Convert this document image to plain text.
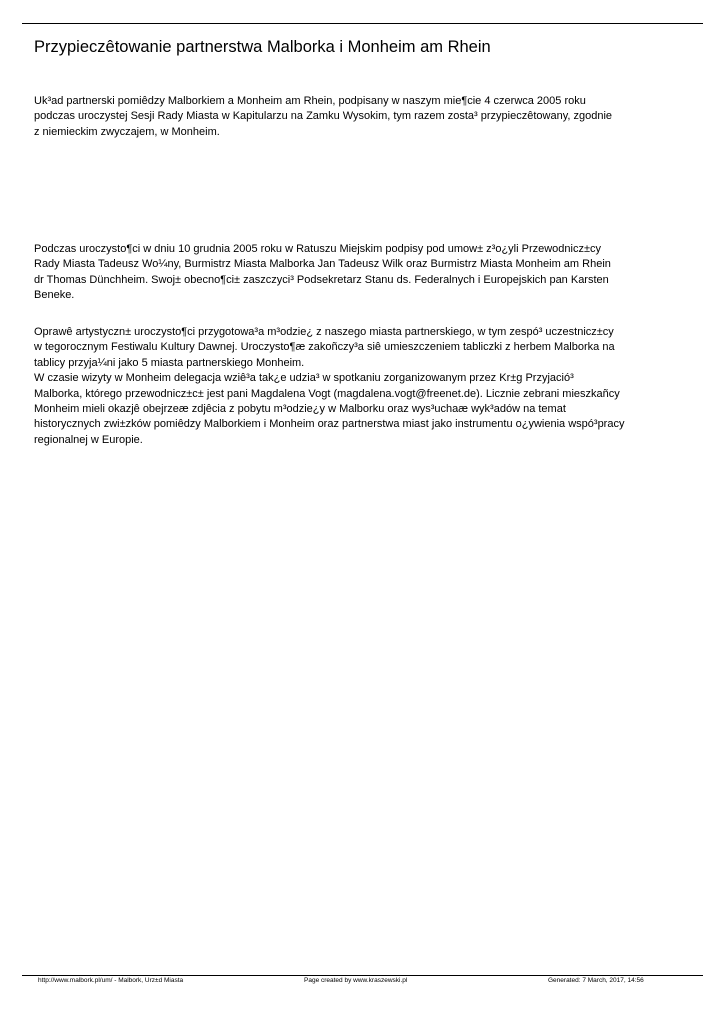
Przypieczêtowanie partnerstwa Malborka i Monheim am Rhein
Uk³ad partnerski pomiêdzy Malborkiem a Monheim am Rhein, podpisany w naszym mie¶cie 4 czerwca 2005 roku
podczas uroczystej Sesji Rady Miasta w Kapitularzu na Zamku Wysokim, tym razem zosta³ przypieczêtowany, zgodnie
z niemieckim zwyczajem, w Monheim.
Podczas uroczysto¶ci w dniu 10 grudnia 2005 roku w Ratuszu Miejskim podpisy pod umow± z³o¿yli Przewodnicz±cy
Rady Miasta Tadeusz Wo¼ny, Burmistrz Miasta Malborka Jan Tadeusz Wilk oraz Burmistrz Miasta Monheim am Rhein
dr Thomas Dünchheim. Swoj± obecno¶ci± zaszczyci³ Podsekretarz Stanu ds. Federalnych i Europejskich pan Karsten
Beneke.
Oprawê artystyczn± uroczysto¶ci przygotowa³a m³odzie¿ z naszego miasta partnerskiego, w tym zespó³ uczestnicz±cy
w tegorocznym Festiwalu Kultury Dawnej. Uroczysto¶æ zakoñczy³a siê umieszczeniem tabliczki z herbem Malborka na
tablicy przyja¼ni jako 5 miasta partnerskiego Monheim.
W czasie wizyty w Monheim delegacja wziê³a tak¿e udzia³ w spotkaniu zorganizowanym przez Kr±g Przyjació³
Malborka, którego przewodnicz±c± jest pani Magdalena Vogt (magdalena.vogt@freenet.de). Licznie zebrani mieszkañcy
Monheim mieli okazjê obejrzeæ zdjêcia z pobytu m³odzie¿y w Malborku oraz wys³uchaæ wyk³adów na temat
historycznych zwi±zków pomiêdzy Malborkiem i Monheim oraz partnerstwa miast jako instrumentu o¿ywienia wspó³pracy
regionalnej w Europie.
http://www.malbork.pl/um/ - Malbork, Urz±d Miasta	Page created by www.kraszewski.pl	Generated: 7 March, 2017, 14:56
